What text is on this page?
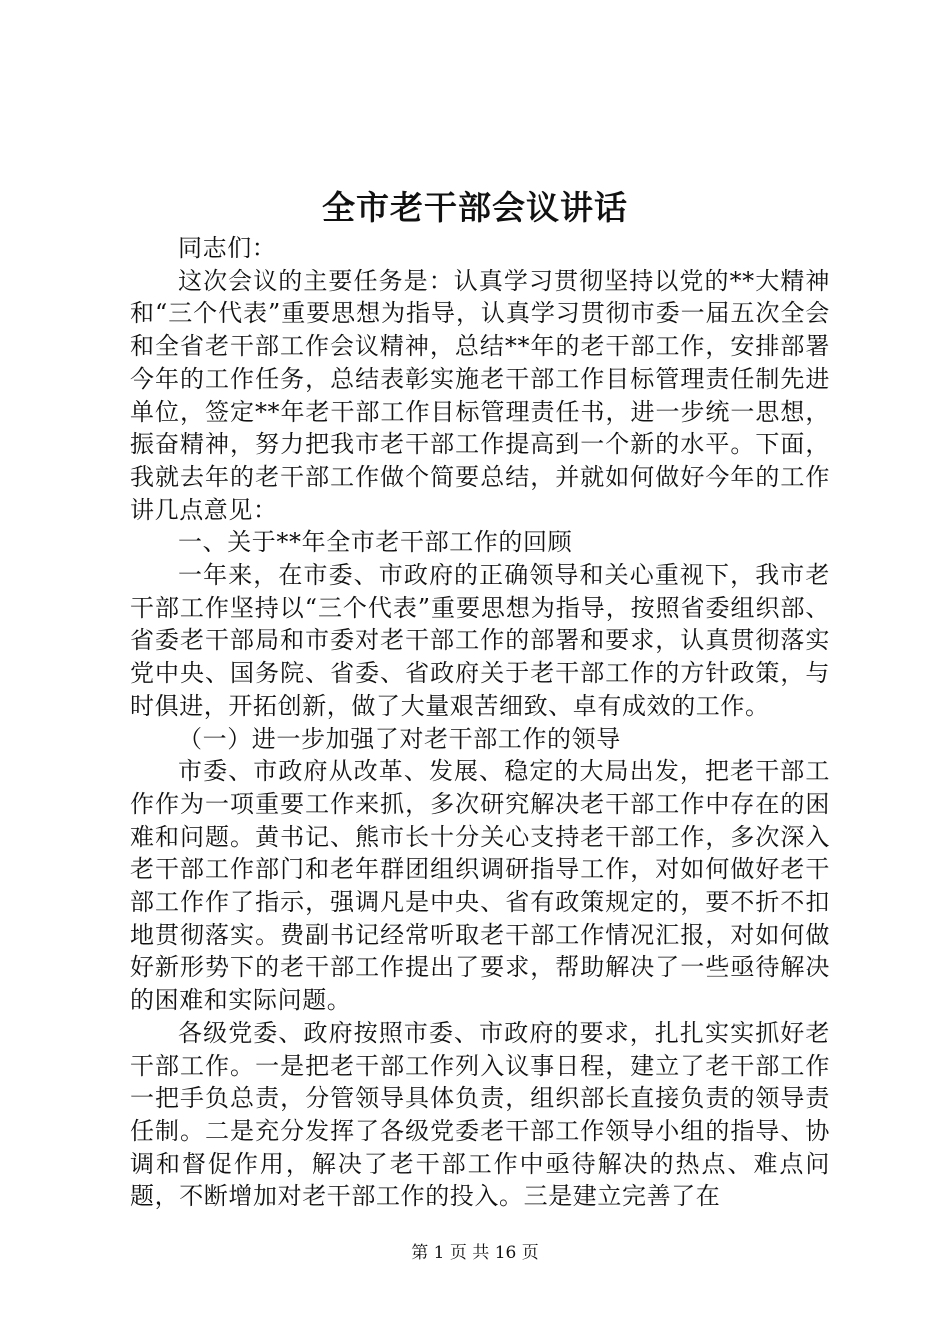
全市老干部会议讲话

同志们：

这次会议的主要任务是：认真学习贯彻坚持以党的**大精神和“三个代表”重要思想为指导，认真学习贯彻市委一届五次全会和全省老干部工作会议精神，总结**年的老干部工作，安排部署今年的工作任务，总结表彰实施老干部工作目标管理责任制先进单位，签定**年老干部工作目标管理责任书，进一步统一思想，振奋精神，努力把我市老干部工作提高到一个新的水平。下面，我就去年的老干部工作做个简要总结，并就如何做好今年的工作讲几点意见：

一、关于**年全市老干部工作的回顾

一年来，在市委、市政府的正确领导和关心重视下，我市老干部工作坚持以“三个代表”重要思想为指导，按照省委组织部、省委老干部局和市委对老干部工作的部署和要求，认真贯彻落实党中央、国务院、省委、省政府关于老干部工作的方针政策，与时俱进，开拓创新，做了大量艰苦细致、卓有成效的工作。

（一）进一步加强了对老干部工作的领导

市委、市政府从改革、发展、稳定的大局出发，把老干部工作作为一项重要工作来抓，多次研究解决老干部工作中存在的困难和问题。黄书记、熊市长十分关心支持老干部工作，多次深入老干部工作部门和老年群团组织调研指导工作，对如何做好老干部工作作了指示，强调凡是中央、省有政策规定的，要不折不扣地贯彻落实。费副书记经常听取老干部工作情况汇报，对如何做好新形势下的老干部工作提出了要求，帮助解决了一些亟待解决的困难和实际问题。

各级党委、政府按照市委、市政府的要求，扎扎实实抓好老干部工作。一是把老干部工作列入议事日程，建立了老干部工作一把手负总责，分管领导具体负责，组织部长直接负责的领导责任制。二是充分发挥了各级党委老干部工作领导小组的指导、协调和督促作用，解决了老干部工作中亟待解决的热点、难点问题，不断增加对老干部工作的投入。三是建立完善了在

第 1 页 共 16 页
